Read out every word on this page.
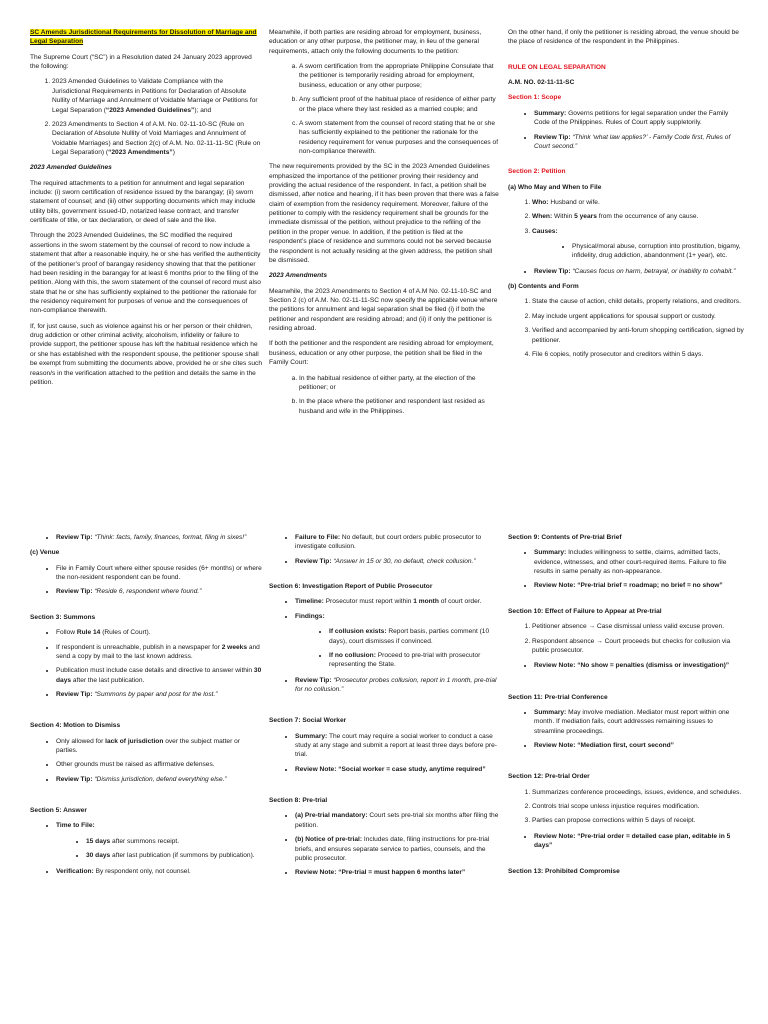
SC Amends Jurisdictional Requirements for Dissolution of Marriage and Legal Separation

The Supreme Court (“SC”) in a Resolution dated 24 January 2023 approved the following:

1. 2023 Amended Guidelines to Validate Compliance with the Jurisdictional Requirements in Petitions for Declaration of Absolute Nullity of Marriage and Annulment of Voidable Marriage or Petitions for Legal Separation (“2023 Amended Guidelines”); and
2. 2023 Amendments to Section 4 of A.M. No. 02-11-10-SC (Rule on Declaration of Absolute Nullity of Void Marriages and Annulment of Voidable Marriages) and Section 2(c) of A.M. No. 02-11-11-SC (Rule on Legal Separation) (“2023 Amendments”)

2023 Amended Guidelines

The required attachments to a petition for annulment and legal separation include: (i) sworn certification of residence issued by the barangay; (ii) sworn statement of counsel; and (iii) other supporting documents which may include utility bills, government issued-ID, notarized lease contract, and transfer certificate of title, or tax declaration, or deed of sale and the like.

Through the 2023 Amended Guidelines, the SC modified the required assertions in the sworn statement by the counsel of record to now include a statement that after a reasonable inquiry, he or she has verified the authenticity of the petitioner’s proof of barangay residency showing that that the petitioner had been residing in the barangay for at least 6 months prior to the filing of the petition. Along with this, the sworn statement of the counsel of record must also state that he or she has sufficiently explained to the petitioner the rationale for the residency requirement for purposes of venue and the consequences of non-compliance therewith.

If, for just cause, such as violence against his or her person or their children, drug addiction or other criminal activity, alcoholism, infidelity or failure to provide support, the petitioner spouse has left the habitual residence which he or she has established with the respondent spouse, the petitioner spouse shall be exempt from submitting the documents above, provided he or she cites such reason/s in the verification attached to the petition and details the same in the petition.

Meanwhile, if both parties are residing abroad for employment, business, education or any other purpose, the petitioner may, in lieu of the general requirements, attach only the following documents to the petition:

a. A sworn certification from the appropriate Philippine Consulate that the petitioner is temporarily residing abroad for employment, business, education or any other purpose;
b. Any sufficient proof of the habitual place of residence of either party or the place where they last resided as a married couple; and
c. A sworn statement from the counsel of record stating that he or she has sufficiently explained to the petitioner the rationale for the residency requirement for venue purposes and the consequences of non-compliance therewith.

The new requirements provided by the SC in the 2023 Amended Guidelines emphasized the importance of the petitioner proving their residency and providing the actual residence of the respondent. In fact, a petition shall be dismissed, after notice and hearing, if it has been proven that there was a false claim of exemption from the residency requirement. Moreover, failure of the petitioner to comply with the residency requirement shall be grounds for the immediate dismissal of the petition, without prejudice to the refiling of the petition in the proper venue. In addition, if the petition is filed at the respondent’s place of residence and summons could not be served because the respondent is not actually residing at the given address, the petition shall be dismissed.

2023 Amendments

Meanwhile, the 2023 Amendments to Section 4 of A.M No. 02-11-10-SC and Section 2 (c) of A.M. No. 02-11-11-SC now specify the applicable venue where the petitions for annulment and legal separation shall be filed (i) if both the petitioner and respondent are residing abroad; and (ii) if only the petitioner is residing abroad.

If both the petitioner and the respondent are residing abroad for employment, business, education or any other purpose, the petition shall be filed in the Family Court:

a. In the habitual residence of either party, at the election of the petitioner; or
b. In the place where the petitioner and respondent last resided as husband and wife in the Philippines.

On the other hand, if only the petitioner is residing abroad, the venue should be the place of residence of the respondent in the Philippines.

RULE ON LEGAL SEPARATION

A.M. NO. 02-11-11-SC

Section 1: Scope

• Summary: Governs petitions for legal separation under the Family Code of the Philippines. Rules of Court apply suppletorily.
• Review Tip: “Think ‘what law applies?’ - Family Code first, Rules of Court second.”

Section 2: Petition

(a) Who May and When to File

1. Who: Husband or wife.
2. When: Within 5 years from the occurrence of any cause.
3. Causes:
• Physical/moral abuse, corruption into prostitution, bigamy, infidelity, drug addiction, abandonment (1+ year), etc.
• Review Tip: “Causes focus on harm, betrayal, or inability to cohabit.”

(b) Contents and Form

1. State the cause of action, child details, property relations, and creditors.
2. May include urgent applications for spousal support or custody.
3. Verified and accompanied by anti-forum shopping certification, signed by petitioner.
4. File 6 copies, notify prosecutor and creditors within 5 days.
• Review Tip: “Think: facts, family, finances, format, filing in sixes!”

(c) Venue

• File in Family Court where either spouse resides (6+ months) or where the non-resident respondent can be found.
• Review Tip: “Reside 6, respondent where found.”

Section 3: Summons

• Follow Rule 14 (Rules of Court).
• If respondent is unreachable, publish in a newspaper for 2 weeks and send a copy by mail to the last known address.
• Publication must include case details and directive to answer within 30 days after the last publication.
• Review Tip: “Summons by paper and post for the lost.”

Section 4: Motion to Dismiss

• Only allowed for lack of jurisdiction over the subject matter or parties.
• Other grounds must be raised as affirmative defenses.
• Review Tip: “Dismiss jurisdiction, defend everything else.”

Section 5: Answer

• Time to File:
• 15 days after summons receipt.
• 30 days after last publication (if summons by publication).
• Verification: By respondent only, not counsel.
• Failure to File: No default, but court orders public prosecutor to investigate collusion.
• Review Tip: “Answer in 15 or 30, no default, check collusion.”

Section 6: Investigation Report of Public Prosecutor

• Timeline: Prosecutor must report within 1 month of court order.
• Findings:
• If collusion exists: Report basis, parties comment (10 days), court dismisses if convinced.
• If no collusion: Proceed to pre-trial with prosecutor representing the State.
• Review Tip: “Prosecutor probes collusion, report in 1 month, pre-trial for no collusion.”

Section 7: Social Worker

• Summary: The court may require a social worker to conduct a case study at any stage and submit a report at least three days before pre-trial.
• Review Note: “Social worker = case study, anytime required”

Section 8: Pre-trial

• (a) Pre-trial mandatory: Court sets pre-trial six months after filing the petition.
• (b) Notice of pre-trial: Includes date, filing instructions for pre-trial briefs, and ensures separate service to parties, counsels, and the public prosecutor.
• Review Note: “Pre-trial = must happen 6 months later”

Section 9: Contents of Pre-trial Brief

• Summary: Includes willingness to settle, claims, admitted facts, evidence, witnesses, and other court-required items. Failure to file results in same penalty as non-appearance.
• Review Note: “Pre-trial brief = roadmap; no brief = no show”

Section 10: Effect of Failure to Appear at Pre-trial

1. Petitioner absence → Case dismissal unless valid excuse proven.
2. Respondent absence → Court proceeds but checks for collusion via public prosecutor.
• Review Note: “No show = penalties (dismiss or investigation)”

Section 11: Pre-trial Conference

• Summary: May involve mediation. Mediator must report within one month. If mediation fails, court addresses remaining issues to streamline proceedings.
• Review Note: “Mediation first, court second”

Section 12: Pre-trial Order

1. Summarizes conference proceedings, issues, evidence, and schedules.
2. Controls trial scope unless injustice requires modification.
3. Parties can propose corrections within 5 days of receipt.
• Review Note: “Pre-trial order = detailed case plan, editable in 5 days”

Section 13: Prohibited Compromise
